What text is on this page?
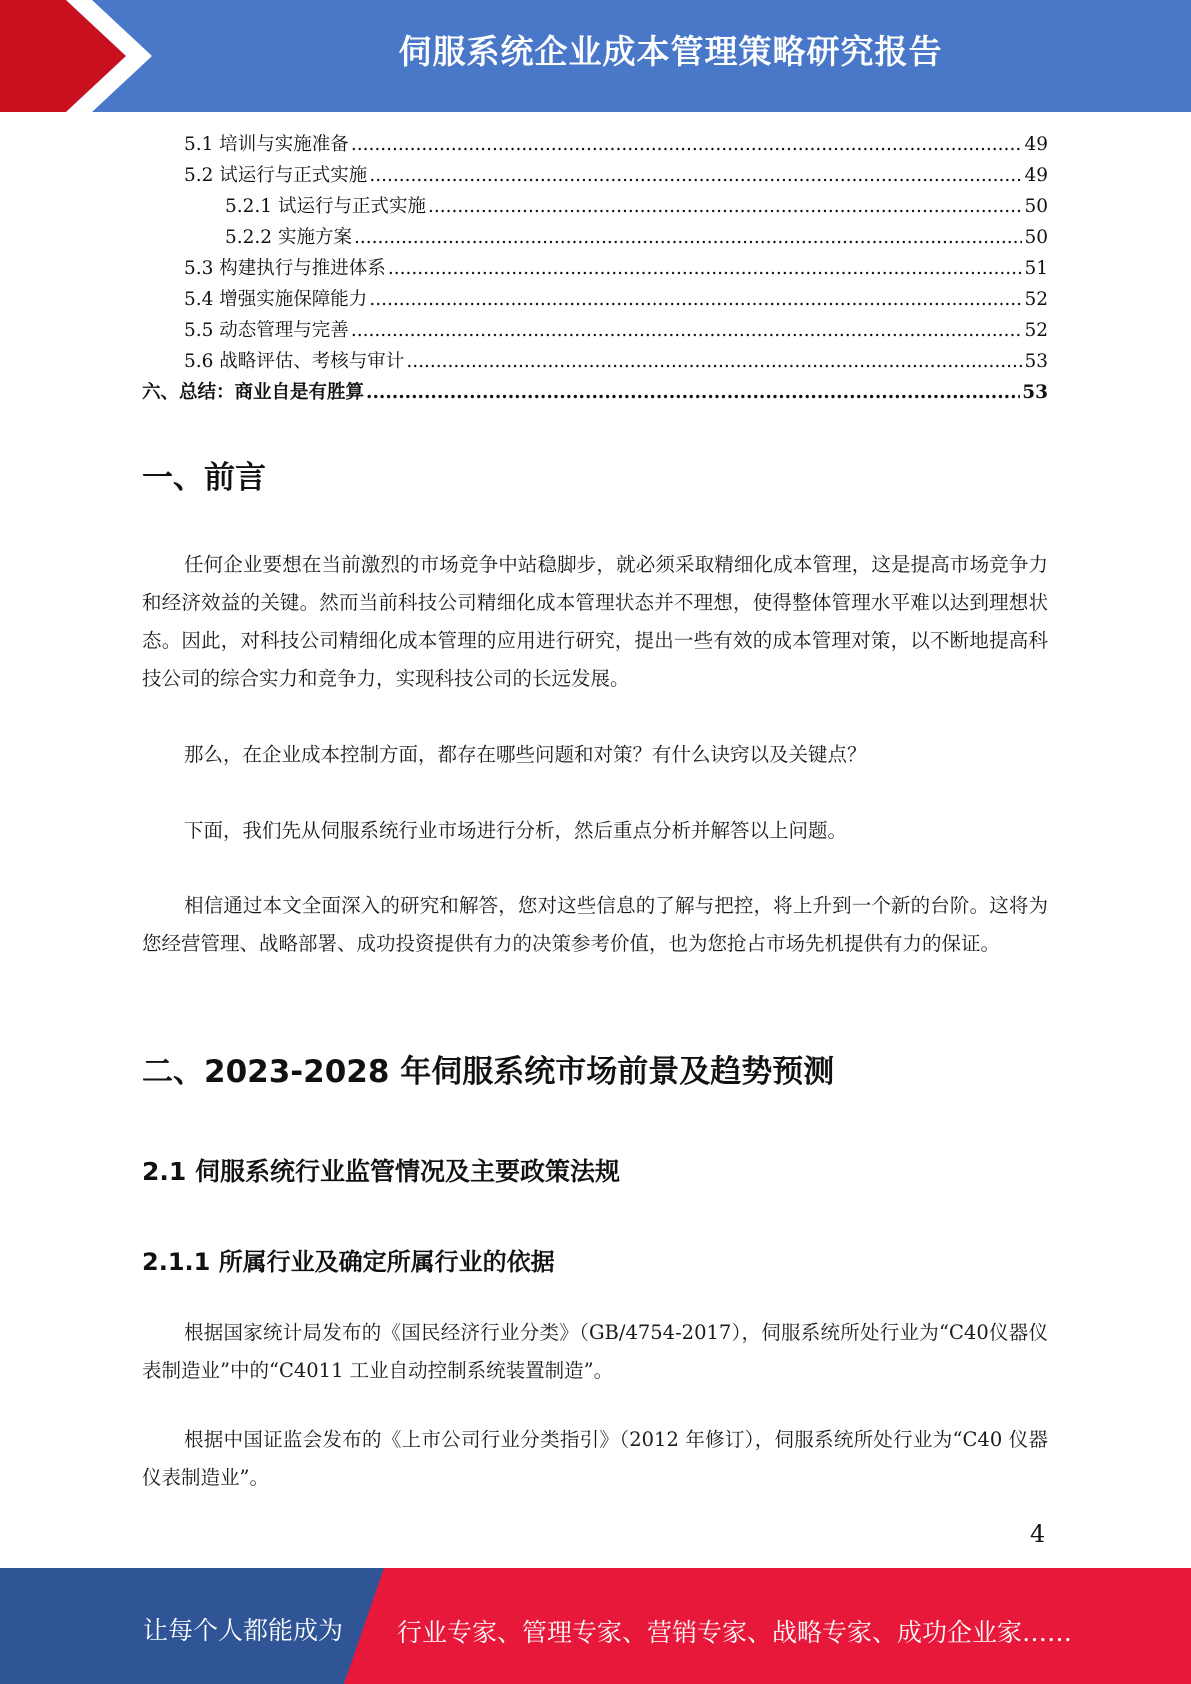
伺服系统企业成本管理策略研究报告
5.1 培训与实施准备 .....	49
5.2 试运行与正式实施 .....	49
5.2.1 试运行与正式实施 .....	50
5.2.2 实施方案 .....	50
5.3 构建执行与推进体系 .....	51
5.4 增强实施保障能力 .....	52
5.5 动态管理与完善 .....	52
5.6 战略评估、考核与审计 .....	53
六、总结：商业自是有胜算 .....	53
一、前言
任何企业要想在当前激烈的市场竞争中站稳脚步，就必须采取精细化成本管理，这是提高市场竞争力和经济效益的关键。然而当前科技公司精细化成本管理状态并不理想，使得整体管理水平难以达到理想状态。因此，对科技公司精细化成本管理的应用进行研究，提出一些有效的成本管理对策，以不断地提高科技公司的综合实力和竞争力，实现科技公司的长远发展。
那么，在企业成本控制方面，都存在哪些问题和对策？有什么诀窍以及关键点？
下面，我们先从伺服系统行业市场进行分析，然后重点分析并解答以上问题。
相信通过本文全面深入的研究和解答，您对这些信息的了解与把控，将上升到一个新的台阶。这将为您经营管理、战略部署、成功投资提供有力的决策参考价值，也为您抢占市场先机提供有力的保证。
二、2023-2028 年伺服系统市场前景及趋势预测
2.1 伺服系统行业监管情况及主要政策法规
2.1.1 所属行业及确定所属行业的依据
根据国家统计局发布的《国民经济行业分类》（GB/4754-2017），伺服系统所处行业为“C40仪器仪表制造业”中的“C4011 工业自动控制系统装置制造”。
根据中国证监会发布的《上市公司行业分类指引》（2012 年修订），伺服系统所处行业为“C40 仪器仪表制造业”。
4
让每个人都能成为 行业专家、管理专家、营销专家、战略专家、成功企业家……
